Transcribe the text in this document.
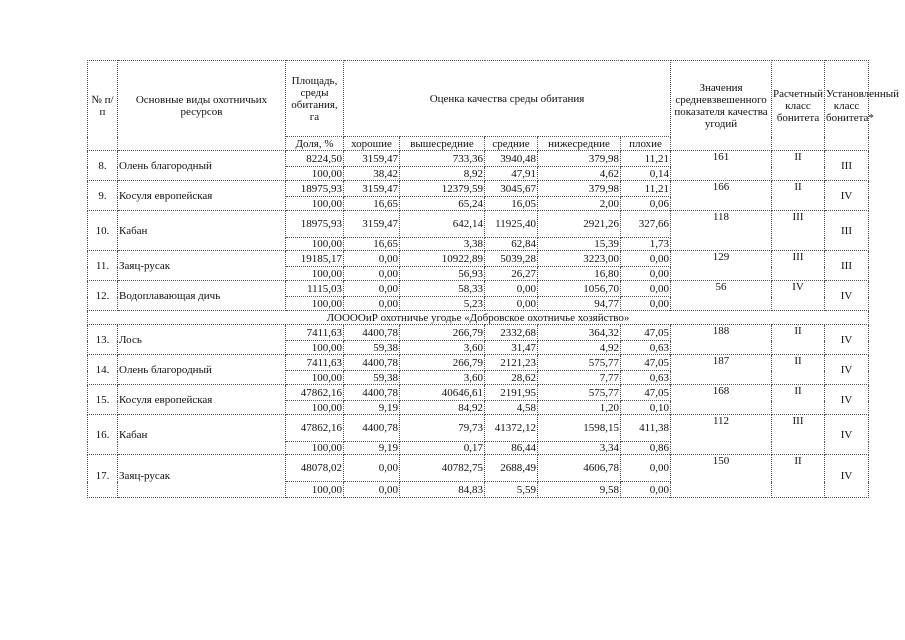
№ п/п	Основные виды охотничьих ресурсов	Площадь, среды обитания, га	Оценка качества среды обитания					Значения средневзвешенного показателя качества угодий	Расчетный класс бонитета	Установленный класс бонитета*
		Доля, %	хорошие	вышесредние	средние	нижесредние	плохие			
8.	Олень благородный	8224,50	3159,47	733,36	3940,48	379,98	11,21	161	II	III
		100,00	38,42	8,92	47,91	4,62	0,14			
9.	Косуля европейская	18975,93	3159,47	12379,59	3045,67	379,98	11,21	166	II	IV
		100,00	16,65	65,24	16,05	2,00	0,06			
10.	Кабан	18975,93	3159,47	642,14	11925,40	2921,26	327,66	118	III	III
		100,00	16,65	3,38	62,84	15,39	1,73			
11.	Заяц-русак	19185,17	0,00	10922,89	5039,28	3223,00	0,00	129	III	III
		100,00	0,00	56,93	26,27	16,80	0,00			
12.	Водоплавающая дичь	1115,03	0,00	58,33	0,00	1056,70	0,00	56	IV	IV
		100,00	0,00	5,23	0,00	94,77	0,00			
ЛООООиР охотничье угодье «Добровское охотничье хозяйство»										
13.	Лось	7411,63	4400,78	266,79	2332,68	364,32	47,05	188	II	IV
		100,00	59,38	3,60	31,47	4,92	0,63			
14.	Олень благородный	7411,63	4400,78	266,79	2121,23	575,77	47,05	187	II	IV
		100,00	59,38	3,60	28,62	7,77	0,63			
15.	Косуля европейская	47862,16	4400,78	40646,61	2191,95	575,77	47,05	168	II	IV
		100,00	9,19	84,92	4,58	1,20	0,10			
16.	Кабан	47862,16	4400,78	79,73	41372,12	1598,15	411,38	112	III	IV
		100,00	9,19	0,17	86,44	3,34	0,86			
17.	Заяц-русак	48078,02	0,00	40782,75	2688,49	4606,78	0,00	150	II	IV
		100,00	0,00	84,83	5,59	9,58	0,00			
